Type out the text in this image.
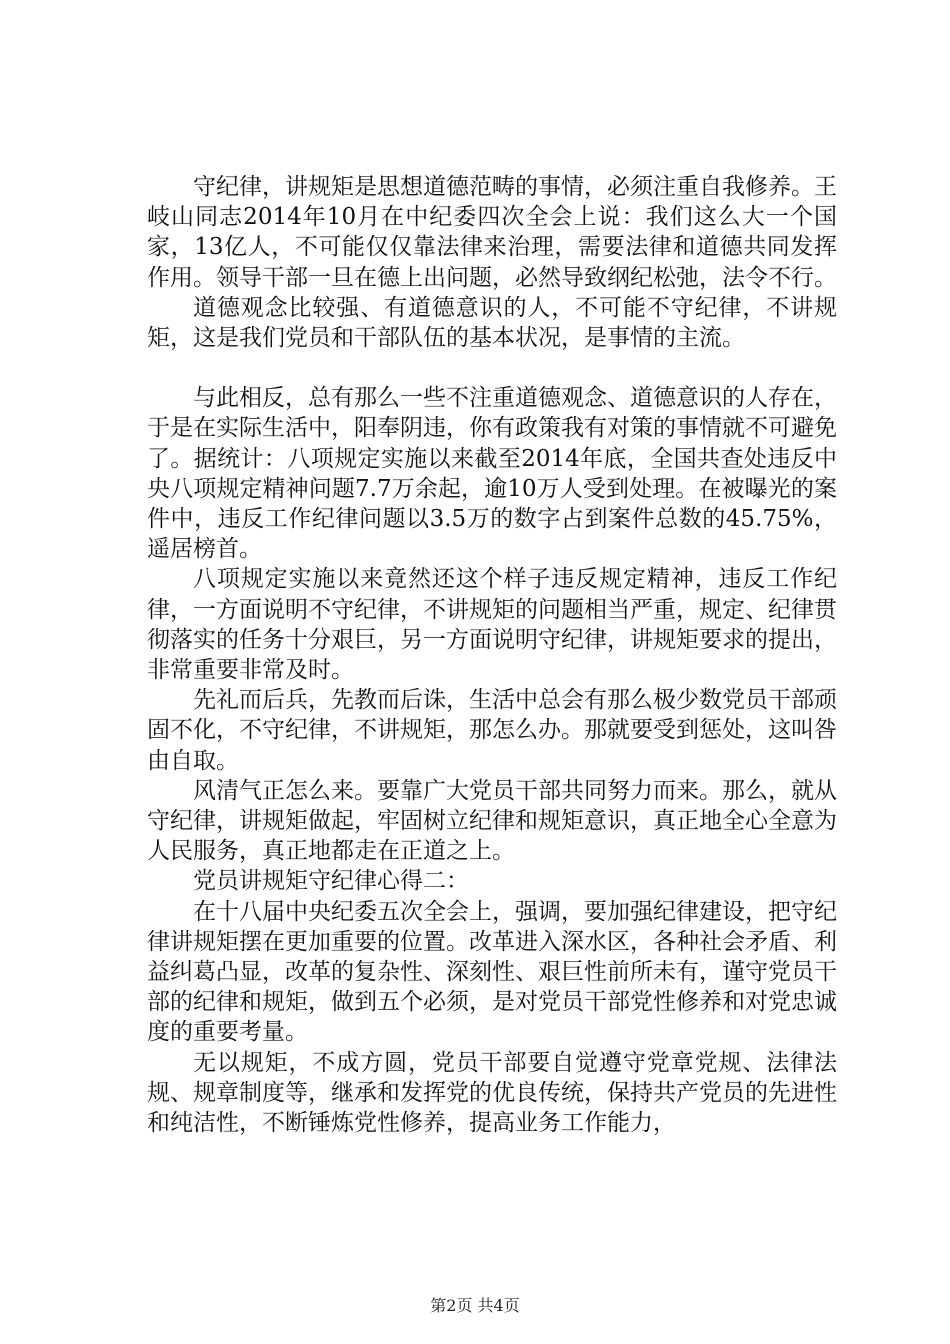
守纪律，讲规矩是思想道德范畴的事情，必须注重自我修养。王岐山同志2014年10月在中纪委四次全会上说：我们这么大一个国家，13亿人，不可能仅仅靠法律来治理，需要法律和道德共同发挥作用。领导干部一旦在德上出问题，必然导致纲纪松弛，法令不行。

道德观念比较强、有道德意识的人，不可能不守纪律，不讲规矩，这是我们党员和干部队伍的基本状况，是事情的主流。

与此相反，总有那么一些不注重道德观念、道德意识的人存在，于是在实际生活中，阳奉阴违，你有政策我有对策的事情就不可避免了。据统计：八项规定实施以来截至2014年底，全国共查处违反中央八项规定精神问题7.7万余起，逾10万人受到处理。在被曝光的案件中，违反工作纪律问题以3.5万的数字占到案件总数的45.75%，遥居榜首。

八项规定实施以来竟然还这个样子违反规定精神，违反工作纪律，一方面说明不守纪律，不讲规矩的问题相当严重，规定、纪律贯彻落实的任务十分艰巨，另一方面说明守纪律，讲规矩要求的提出，非常重要非常及时。

先礼而后兵，先教而后诛，生活中总会有那么极少数党员干部顽固不化，不守纪律，不讲规矩，那怎么办。那就要受到惩处，这叫咎由自取。

风清气正怎么来。要靠广大党员干部共同努力而来。那么，就从守纪律，讲规矩做起，牢固树立纪律和规矩意识，真正地全心全意为人民服务，真正地都走在正道之上。

党员讲规矩守纪律心得二：

在十八届中央纪委五次全会上，强调，要加强纪律建设，把守纪律讲规矩摆在更加重要的位置。改革进入深水区，各种社会矛盾、利益纠葛凸显，改革的复杂性、深刻性、艰巨性前所未有，谨守党员干部的纪律和规矩，做到五个必须，是对党员干部党性修养和对党忠诚度的重要考量。

无以规矩，不成方圆，党员干部要自觉遵守党章党规、法律法规、规章制度等，继承和发挥党的优良传统，保持共产党员的先进性和纯洁性，不断锤炼党性修养，提高业务工作能力，

第2页 共4页
